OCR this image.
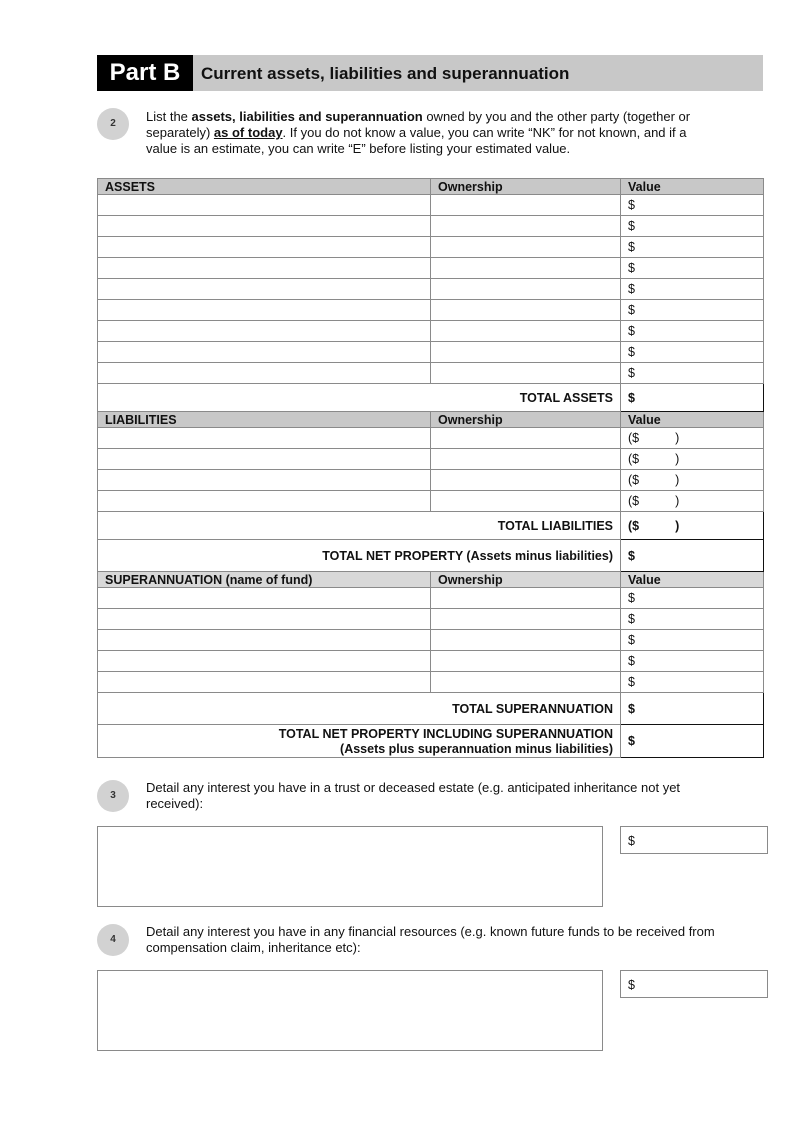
Part B	Current assets, liabilities and superannuation
2	List the assets, liabilities and superannuation owned by you and the other party (together or separately) as of today. If you do not know a value, you can write “NK” for not known, and if a value is an estimate, you can write “E” before listing your estimated value.
ASSETS	Ownership	Value
		$
		$
		$
		$
		$
		$
		$
		$
		$
TOTAL ASSETS		$
LIABILITIES	Ownership	Value
		($ )
		($ )
		($ )
		($ )
TOTAL LIABILITIES		($ )
TOTAL NET PROPERTY (Assets minus liabilities)		$
SUPERANNUATION (name of fund)	Ownership	Value
		$
		$
		$
		$
		$
TOTAL SUPERANNUATION		$
TOTAL NET PROPERTY INCLUDING SUPERANNUATION
(Assets plus superannuation minus liabilities)		$
3
Detail any interest you have in a trust or deceased estate (e.g. anticipated inheritance not yet received):
$
4
Detail any interest you have in any financial resources (e.g. known future funds to be received from compensation claim, inheritance etc):
$
